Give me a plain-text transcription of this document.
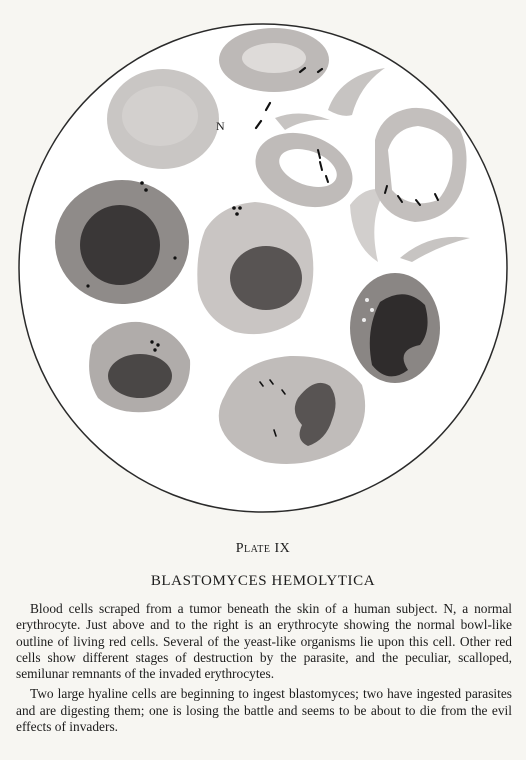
N
Plate IX
BLASTOMYCES HEMOLYTICA

Blood cells scraped from a tumor beneath the skin of a human subject. N, a normal erythrocyte. Just above and to the right is an erythrocyte showing the normal bowl-like outline of living red cells. Several of the yeast-like organisms lie upon this cell. Other red cells show different stages of destruction by the parasite, and the peculiar, scalloped, semilunar remnants of the invaded erythrocytes.

Two large hyaline cells are beginning to ingest blastomyces; two have ingested parasites and are digesting them; one is losing the battle and seems to be about to die from the evil effects of invaders.
